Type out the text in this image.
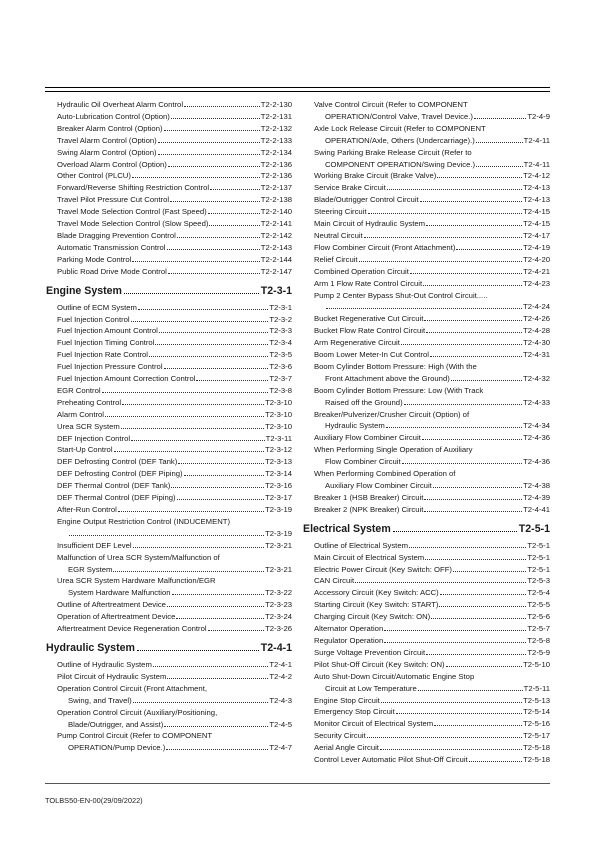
Hydraulic Oil Overheat Alarm Control	T2-2-130
Auto-Lubrication Control (Option)	T2-2-131
Breaker Alarm Control (Option)	T2-2-132
Travel Alarm Control (Option)	T2-2-133
Swing Alarm Control (Option)	T2-2-134
Overload Alarm Control (Option)	T2-2-136
Other Control (PLCU)	T2-2-136
Forward/Reverse Shifting Restriction Control	T2-2-137
Travel Pilot Pressure Cut Control	T2-2-138
Travel Mode Selection Control (Fast Speed)	T2-2-140
Travel Mode Selection Control (Slow Speed)	T2-2-141
Blade Dragging Prevention Control	T2-2-142
Automatic Transmission Control	T2-2-143
Parking Mode Control	T2-2-144
Public Road Drive Mode Control	T2-2-147
Engine System	T2-3-1
Outline of ECM System	T2-3-1
Fuel Injection Control	T2-3-2
Fuel Injection Amount Control	T2-3-3
Fuel Injection Timing Control	T2-3-4
Fuel Injection Rate Control	T2-3-5
Fuel Injection Pressure Control	T2-3-6
Fuel Injection Amount Correction Control	T2-3-7
EGR Control	T2-3-8
Preheating Control	T2-3-10
Alarm Control	T2-3-10
Urea SCR System	T2-3-10
DEF Injection Control	T2-3-11
Start-Up Control	T2-3-12
DEF Defrosting Control (DEF Tank)	T2-3-13
DEF Defrosting Control (DEF Piping)	T2-3-14
DEF Thermal Control (DEF Tank)	T2-3-16
DEF Thermal Control (DEF Piping)	T2-3-17
After-Run Control	T2-3-19
Engine Output Restriction Control (INDUCEMENT)
T2-3-19
Insufficient DEF Level	T2-3-21
Malfunction of Urea SCR System/Malfunction of
EGR System	T2-3-21
Urea SCR System Hardware Malfunction/EGR
System Hardware Malfunction	T2-3-22
Outline of Aftertreatment Device	T2-3-23
Operation of Aftertreatment Device	T2-3-24
Aftertreatment Device Regeneration Control	T2-3-26
Hydraulic System	T2-4-1
Outline of Hydraulic System	T2-4-1
Pilot Circuit of Hydraulic System	T2-4-2
Operation Control Circuit (Front Attachment,
Swing, and Travel)	T2-4-3
Operation Control Circuit (Auxiliary/Positioning,
Blade/Outrigger, and Assist)	T2-4-5
Pump Control Circuit (Refer to COMPONENT
OPERATION/Pump Device.)	T2-4-7
Valve Control Circuit (Refer to COMPONENT
OPERATION/Control Valve, Travel Device.)	T2-4-9
Axle Lock Release Circuit (Refer to COMPONENT
OPERATION/Axle, Others (Undercarriage).)	T2-4-11
Swing Parking Brake Release Circuit (Refer to
COMPONENT OPERATION/Swing Device.)	T2-4-11
Working Brake Circuit (Brake Valve)	T2-4-12
Service Brake Circuit	T2-4-13
Blade/Outrigger Control Circuit	T2-4-13
Steering Circuit	T2-4-15
Main Circuit of Hydraulic System	T2-4-15
Neutral Circuit	T2-4-17
Flow Combiner Circuit (Front Attachment)	T2-4-19
Relief Circuit	T2-4-20
Combined Operation Circuit	T2-4-21
Arm 1 Flow Rate Control Circuit	T2-4-23
Pump 2 Center Bypass Shut-Out Control Circuit.....
T2-4-24
Bucket Regenerative Cut Circuit	T2-4-26
Bucket Flow Rate Control Circuit	T2-4-28
Arm Regenerative Circuit	T2-4-30
Boom Lower Meter-In Cut Control	T2-4-31
Boom Cylinder Bottom Pressure: High (With the
Front Attachment above the Ground)	T2-4-32
Boom Cylinder Bottom Pressure: Low (With Track
Raised off the Ground)	T2-4-33
Breaker/Pulverizer/Crusher Circuit (Option) of
Hydraulic System	T2-4-34
Auxiliary Flow Combiner Circuit	T2-4-36
When Performing Single Operation of Auxiliary
Flow Combiner Circuit	T2-4-36
When Performing Combined Operation of
Auxiliary Flow Combiner Circuit	T2-4-38
Breaker 1 (HSB Breaker) Circuit	T2-4-39
Breaker 2 (NPK Breaker) Circuit	T2-4-41
Electrical System	T2-5-1
Outline of Electrical System	T2-5-1
Main Circuit of Electrical System	T2-5-1
Electric Power Circuit (Key Switch: OFF)	T2-5-1
CAN Circuit	T2-5-3
Accessory Circuit (Key Switch: ACC)	T2-5-4
Starting Circuit (Key Switch: START)	T2-5-5
Charging Circuit (Key Switch: ON)	T2-5-6
Alternator Operation	T2-5-7
Regulator Operation	T2-5-8
Surge Voltage Prevention Circuit	T2-5-9
Pilot Shut-Off Circuit (Key Switch: ON)	T2-5-10
Auto Shut-Down Circuit/Automatic Engine Stop
Circuit at Low Temperature	T2-5-11
Engine Stop Circuit	T2-5-13
Emergency Stop Circuit	T2-5-14
Monitor Circuit of Electrical System	T2-5-16
Security Circuit	T2-5-17
Aerial Angle Circuit	T2-5-18
Control Lever Automatic Pilot Shut-Off Circuit	T2-5-18
TOLBS50-EN-00(29/09/2022)
